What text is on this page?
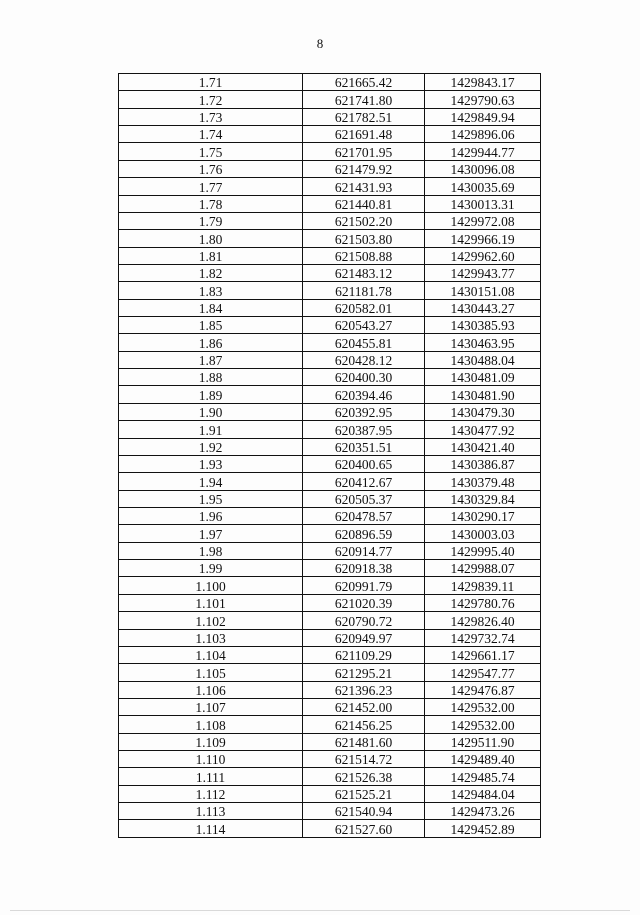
8
1.71	621665.42	1429843.17
1.72	621741.80	1429790.63
1.73	621782.51	1429849.94
1.74	621691.48	1429896.06
1.75	621701.95	1429944.77
1.76	621479.92	1430096.08
1.77	621431.93	1430035.69
1.78	621440.81	1430013.31
1.79	621502.20	1429972.08
1.80	621503.80	1429966.19
1.81	621508.88	1429962.60
1.82	621483.12	1429943.77
1.83	621181.78	1430151.08
1.84	620582.01	1430443.27
1.85	620543.27	1430385.93
1.86	620455.81	1430463.95
1.87	620428.12	1430488.04
1.88	620400.30	1430481.09
1.89	620394.46	1430481.90
1.90	620392.95	1430479.30
1.91	620387.95	1430477.92
1.92	620351.51	1430421.40
1.93	620400.65	1430386.87
1.94	620412.67	1430379.48
1.95	620505.37	1430329.84
1.96	620478.57	1430290.17
1.97	620896.59	1430003.03
1.98	620914.77	1429995.40
1.99	620918.38	1429988.07
1.100	620991.79	1429839.11
1.101	621020.39	1429780.76
1.102	620790.72	1429826.40
1.103	620949.97	1429732.74
1.104	621109.29	1429661.17
1.105	621295.21	1429547.77
1.106	621396.23	1429476.87
1.107	621452.00	1429532.00
1.108	621456.25	1429532.00
1.109	621481.60	1429511.90
1.110	621514.72	1429489.40
1.111	621526.38	1429485.74
1.112	621525.21	1429484.04
1.113	621540.94	1429473.26
1.114	621527.60	1429452.89
